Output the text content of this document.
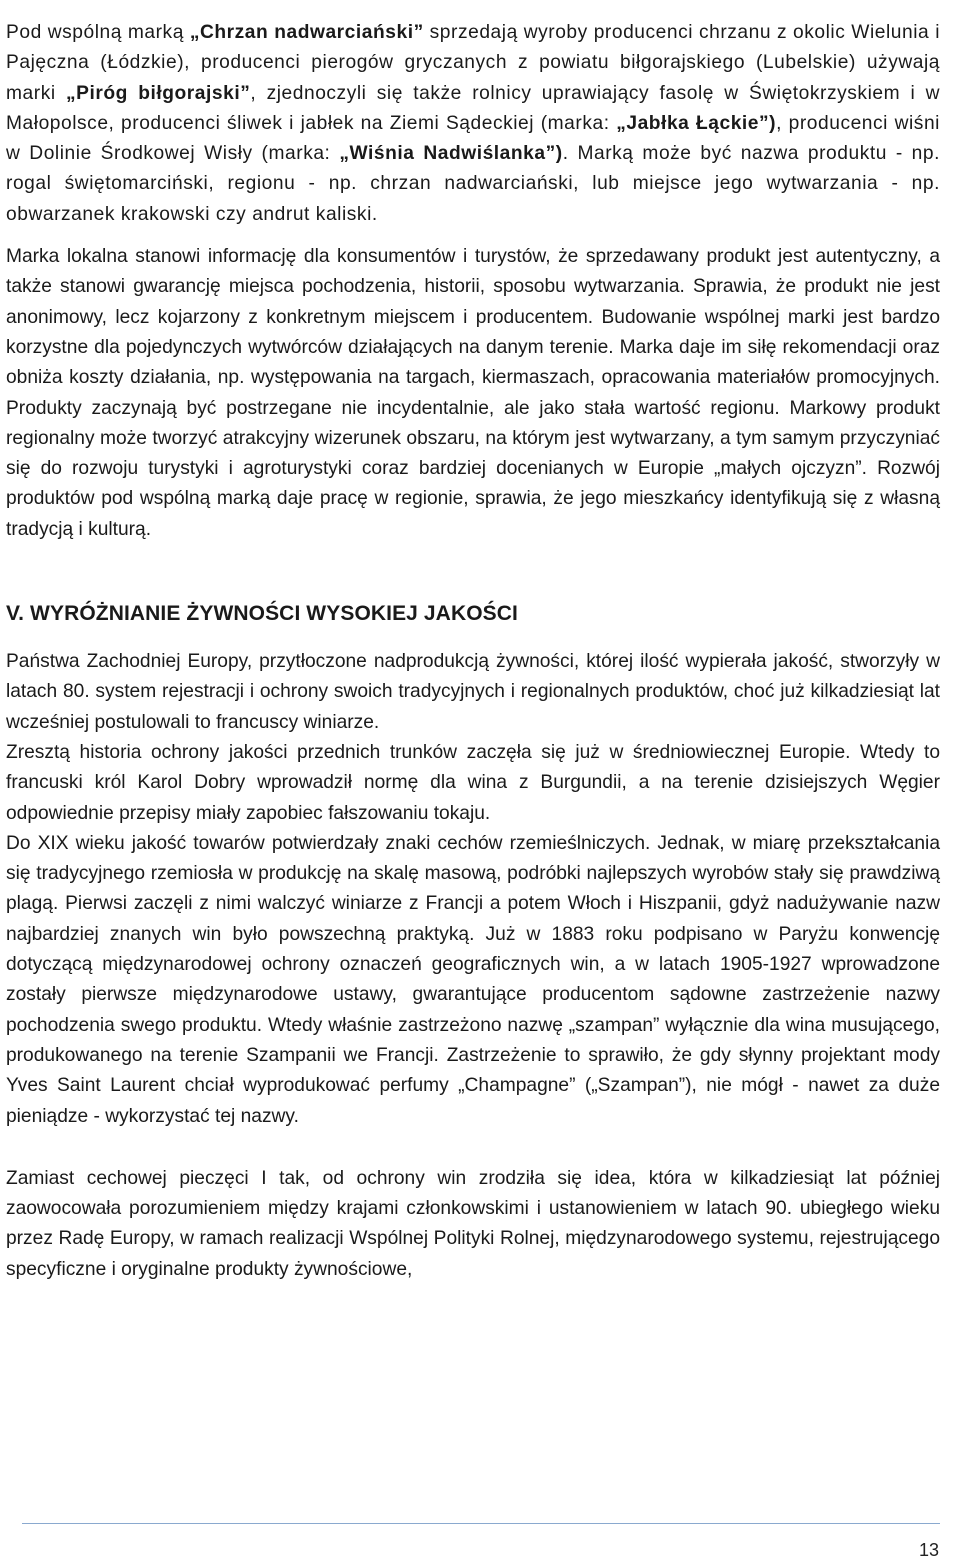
Pod wspólną marką „Chrzan nadwarciański” sprzedają wyroby producenci chrzanu z okolic Wielunia i Pajęczna (Łódzkie), producenci pierogów gryczanych z powiatu biłgorajskiego (Lubelskie) używają marki „Piróg biłgorajski”, zjednoczyli się także rolnicy uprawiający fasolę w Świętokrzyskiem i w Małopolsce, producenci śliwek i jabłek na Ziemi Sądeckiej (marka: „Jabłka Łąckie”), producenci wiśni w Dolinie Środkowej Wisły (marka: „Wiśnia Nadwiślanka”). Marką może być nazwa produktu - np. rogal świętomarciński, regionu - np. chrzan nadwarciański, lub miejsce jego wytwarzania - np. obwarzanek krakowski czy andrut kaliski.

Marka lokalna stanowi informację dla konsumentów i turystów, że sprzedawany produkt jest autentyczny, a także stanowi gwarancję miejsca pochodzenia, historii, sposobu wytwarzania. Sprawia, że produkt nie jest anonimowy, lecz kojarzony z konkretnym miejscem i producentem. Budowanie wspólnej marki jest bardzo korzystne dla pojedynczych wytwórców działających na danym terenie. Marka daje im siłę rekomendacji oraz obniża koszty działania, np. występowania na targach, kiermaszach, opracowania materiałów promocyjnych. Produkty zaczynają być postrzegane nie incydentalnie, ale jako stała wartość regionu. Markowy produkt regionalny może tworzyć atrakcyjny wizerunek obszaru, na którym jest wytwarzany, a tym samym przyczyniać się do rozwoju turystyki i agroturystyki coraz bardziej docenianych w Europie „małych ojczyzn”. Rozwój produktów pod wspólną marką daje pracę w regionie, sprawia, że jego mieszkańcy identyfikują się z własną tradycją i kulturą.

V. WYRÓŻNIANIE ŻYWNOŚCI WYSOKIEJ JAKOŚCI

Państwa Zachodniej Europy, przytłoczone nadprodukcją żywności, której ilość wypierała jakość, stworzyły w latach 80. system rejestracji i ochrony swoich tradycyjnych i regionalnych produktów, choć już kilkadziesiąt lat wcześniej postulowali to francuscy winiarze.

Zresztą historia ochrony jakości przednich trunków zaczęła się już w średniowiecznej Europie. Wtedy to francuski król Karol Dobry wprowadził normę dla wina z Burgundii, a na terenie dzisiejszych Węgier odpowiednie przepisy miały zapobiec fałszowaniu tokaju.

Do XIX wieku jakość towarów potwierdzały znaki cechów rzemieślniczych. Jednak, w miarę przekształcania się tradycyjnego rzemiosła w produkcję na skalę masową, podróbki najlepszych wyrobów stały się prawdziwą plagą. Pierwsi zaczęli z nimi walczyć winiarze z Francji a potem Włoch i Hiszpanii, gdyż nadużywanie nazw najbardziej znanych win było powszechną praktyką. Już w 1883 roku podpisano w Paryżu konwencję dotyczącą międzynarodowej ochrony oznaczeń geograficznych win, a w latach 1905-1927 wprowadzone zostały pierwsze międzynarodowe ustawy, gwarantujące producentom sądowne zastrzeżenie nazwy pochodzenia swego produktu. Wtedy właśnie zastrzeżono nazwę „szampan” wyłącznie dla wina musującego, produkowanego na terenie Szampanii we Francji. Zastrzeżenie to sprawiło, że gdy słynny projektant mody Yves Saint Laurent chciał wyprodukować perfumy „Champagne” („Szampan”), nie mógł - nawet za duże pieniądze - wykorzystać tej nazwy.

Zamiast cechowej pieczęci I tak, od ochrony win zrodziła się idea, która w kilkadziesiąt lat później zaowocowała porozumieniem między krajami członkowskimi i ustanowieniem w latach 90. ubiegłego wieku przez Radę Europy, w ramach realizacji Wspólnej Polityki Rolnej, międzynarodowego systemu, rejestrującego specyficzne i oryginalne produkty żywnościowe,

13
